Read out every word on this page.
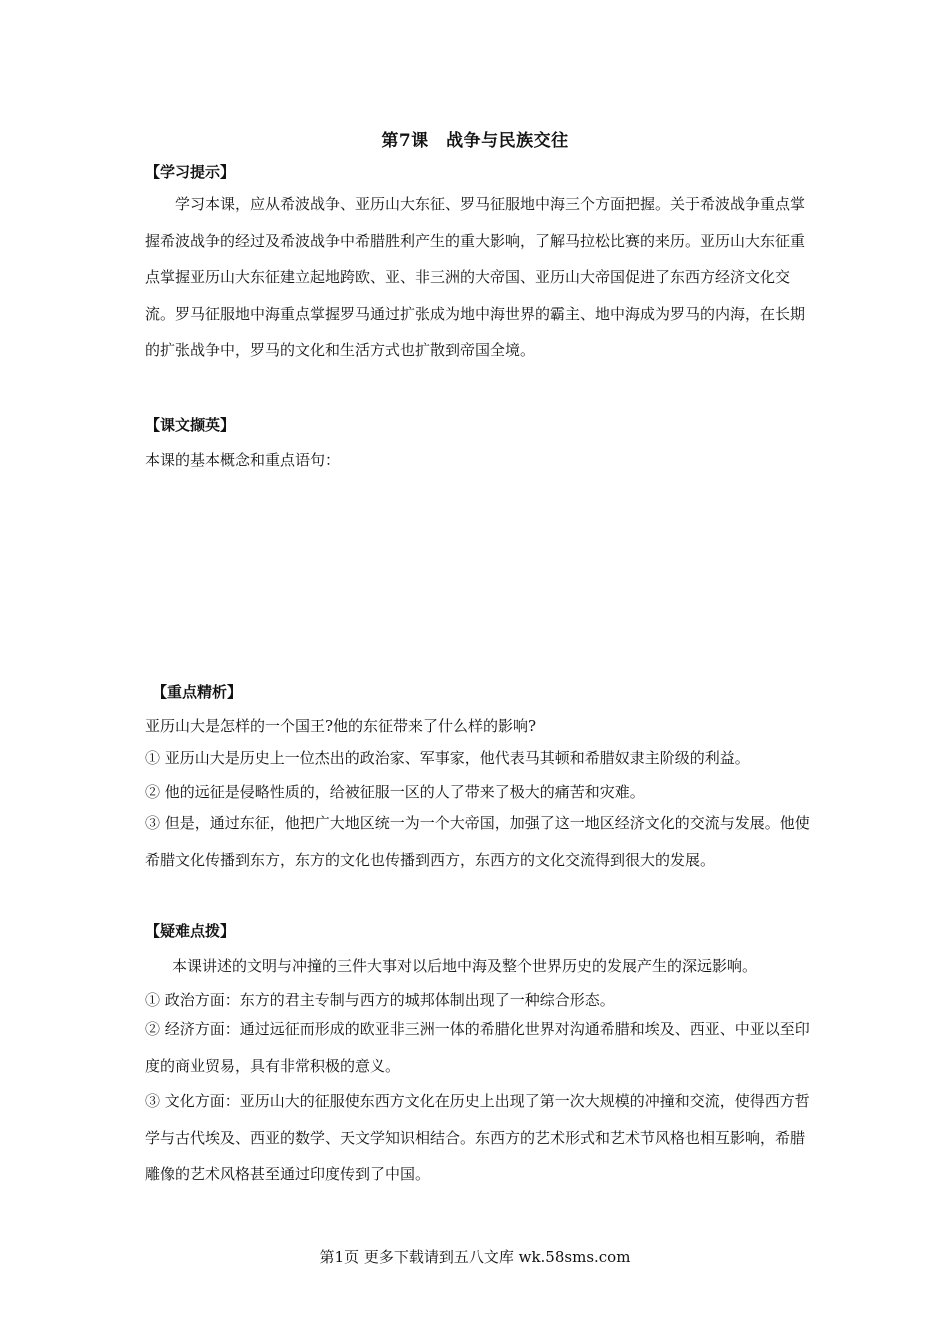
第7课　战争与民族交往
【学习提示】
学习本课，应从希波战争、亚历山大东征、罗马征服地中海三个方面把握。关于希波战争重点掌握希波战争的经过及希波战争中希腊胜利产生的重大影响，了解马拉松比赛的来历。亚历山大东征重点掌握亚历山大东征建立起地跨欧、亚、非三洲的大帝国、亚历山大帝国促进了东西方经济文化交流。罗马征服地中海重点掌握罗马通过扩张成为地中海世界的霸主、地中海成为罗马的内海，在长期的扩张战争中，罗马的文化和生活方式也扩散到帝国全境。
【课文撷英】
本课的基本概念和重点语句：
【重点精析】
亚历山大是怎样的一个国王?他的东征带来了什么样的影响?
① 亚历山大是历史上一位杰出的政治家、军事家，他代表马其顿和希腊奴隶主阶级的利益。
② 他的远征是侵略性质的，给被征服一区的人了带来了极大的痛苦和灾难。
③ 但是，通过东征，他把广大地区统一为一个大帝国，加强了这一地区经济文化的交流与发展。他使希腊文化传播到东方，东方的文化也传播到西方，东西方的文化交流得到很大的发展。
【疑难点拨】
本课讲述的文明与冲撞的三件大事对以后地中海及整个世界历史的发展产生的深远影响。
① 政治方面：东方的君主专制与西方的城邦体制出现了一种综合形态。
② 经济方面：通过远征而形成的欧亚非三洲一体的希腊化世界对沟通希腊和埃及、西亚、中亚以至印度的商业贸易，具有非常积极的意义。
③ 文化方面：亚历山大的征服使东西方文化在历史上出现了第一次大规模的冲撞和交流，使得西方哲学与古代埃及、西亚的数学、天文学知识相结合。东西方的艺术形式和艺术节风格也相互影响，希腊雕像的艺术风格甚至通过印度传到了中国。
第1页 更多下载请到五八文库 wk.58sms.com
